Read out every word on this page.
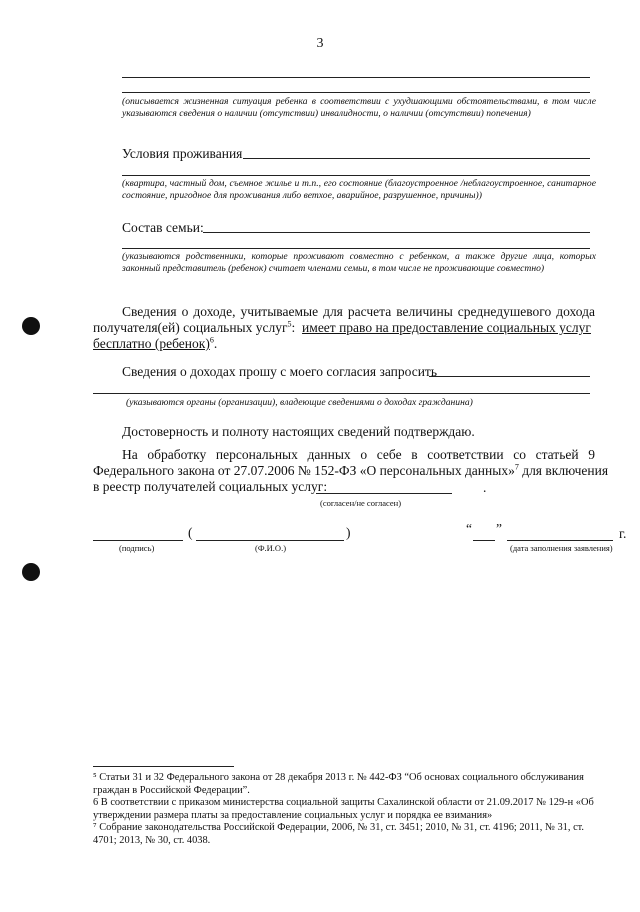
3
(описывается жизненная ситуация ребенка в соответствии с ухудшающими обстоятельствами, в том числе указываются сведения о наличии (отсутствии) инвалидности, о наличии (отсутствии) попечения)
Условия проживания
(квартира, частный дом, съемное жилье и т.п., его состояние (благоустроенное /неблагоустроенное, санитарное состояние, пригодное для проживания либо ветхое, аварийное, разрушенное, причины))
Состав семьи:
(указываются родственники, которые проживают совместно с ребенком, а также другие лица, которых законный представитель (ребенок) считает членами семьи, в том числе не проживающие совместно)
Сведения о доходе, учитываемые для расчета величины среднедушевого дохода
получателя(ей) социальных услуг$^5$:  имеет право на предоставление социальных услуг
бесплатно (ребенок)$^6$.
Сведения о доходах прошу с моего согласия запросить
(указываются органы (организации), владеющие сведениями о доходах гражданина)
Достоверность и полноту настоящих сведений подтверждаю.
На обработку персональных данных о себе в соответствии со статьей 9
Федерального закона от 27.07.2006 № 152-ФЗ «О персональных данных»$^7$ для включения
в реестр получателей социальных услуг:	.
(согласен/не согласен)
(	)	“ ”	г.
(подпись)	(Ф.И.О.)	(дата заполнения заявления)
⁵ Статьи 31 и 32 Федерального закона от 28 декабря 2013 г. № 442-ФЗ “Об основах социального обслуживания граждан в Российской Федерации”.
6 В соответствии с приказом министерства социальной защиты Сахалинской области от 21.09.2017 № 129-н «Об утверждении размера платы за предоставление социальных услуг и порядка ее взимания»
⁷ Собрание законодательства Российской Федерации, 2006, № 31, ст. 3451; 2010, № 31, ст. 4196; 2011, № 31, ст. 4701; 2013, № 30, ст. 4038.
